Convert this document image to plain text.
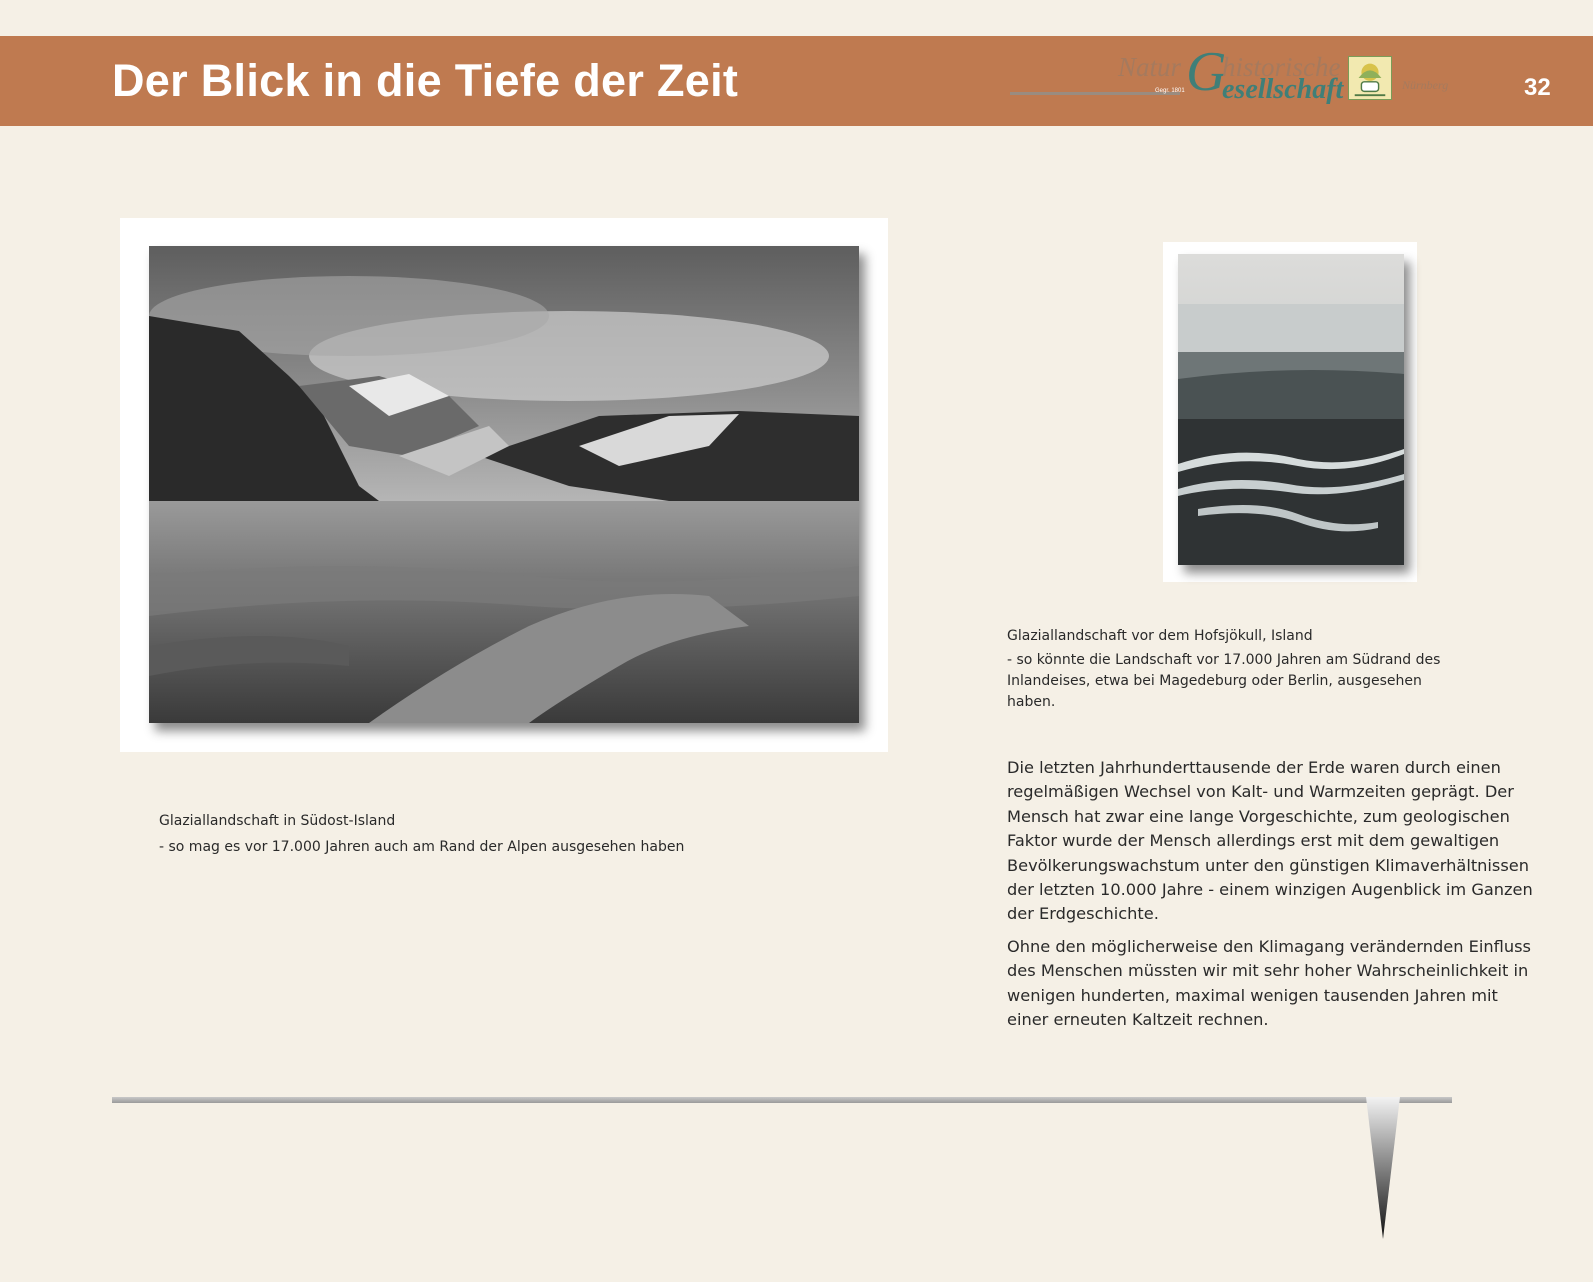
Der Blick in die Tiefe der Zeit	Natur G
historische
esellschaft
Gegr. 1801	Nürnberg	32

Glaziallandschaft in Südost-Island

- so mag es vor 17.000 Jahren auch am Rand der Alpen ausgesehen haben

Glaziallandschaft vor dem Hofsjökull, Island

- so könnte die Landschaft vor 17.000 Jahren am Südrand des Inlandeises, etwa bei Magedeburg oder Berlin, ausgesehen haben.

Die letzten Jahrhunderttausende der Erde waren durch einen regelmäßigen Wechsel von Kalt- und Warmzeiten geprägt. Der Mensch hat zwar eine lange Vorgeschichte, zum geologischen Faktor wurde der Mensch allerdings erst mit dem gewaltigen Bevölkerungswachstum unter den günstigen Klimaverhältnissen der letzten 10.000 Jahre - einem winzigen Augenblick im Ganzen der Erdgeschichte.

Ohne den möglicherweise den Klimagang verändernden Einfluss des Menschen müssten wir mit sehr hoher Wahrscheinlichkeit in wenigen hunderten, maximal wenigen tausenden Jahren mit einer erneuten Kaltzeit rechnen.
